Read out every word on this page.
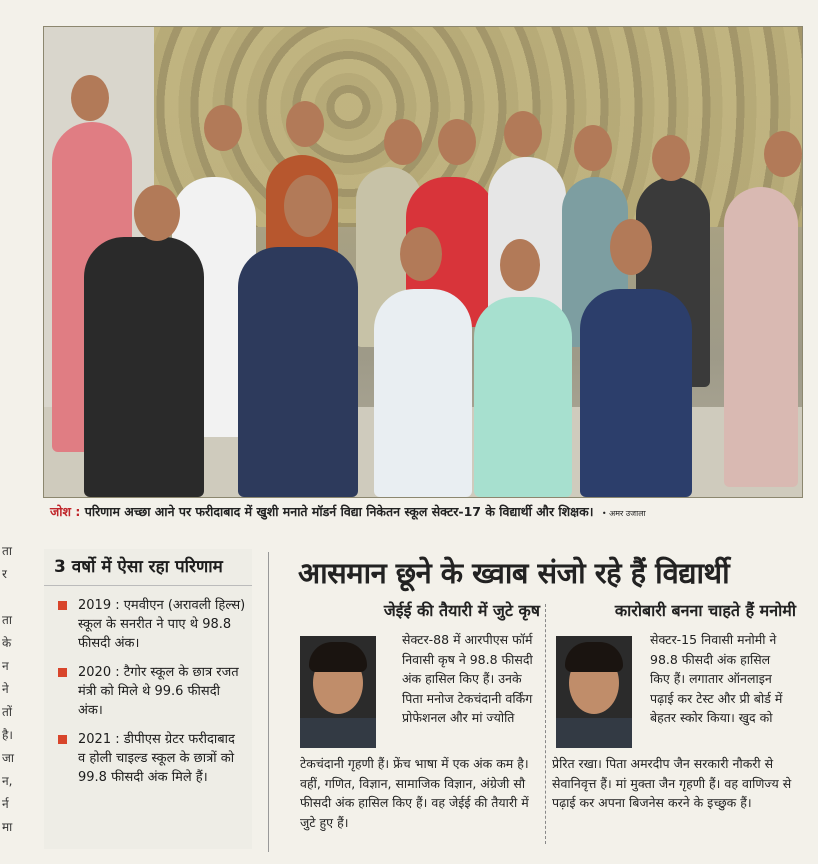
जोश : परिणाम अच्छा आने पर फरीदाबाद में खुशी मनाते मॉडर्न विद्या निकेतन स्कूल सेक्टर-17 के विद्यार्थी और शिक्षक। • अमर उजाला
ता
र

ता
के
न
ने
तों
है।
जा
न,
र्न
मा
3 वर्षो में ऐसा रहा परिणाम
2019 : एमवीएन (अरावली हिल्स) स्कूल के सनरीत ने पाए थे 98.8 फीसदी अंक।
2020 : टैगोर स्कूल के छात्र रजत मंत्री को मिले थे 99.6 फीसदी अंक।
2021 : डीपीएस ग्रेटर फरीदाबाद व होली चाइल्ड स्कूल के छात्रों को 99.8 फीसदी अंक मिले हैं।
आसमान छूने के ख्वाब संजो रहे हैं विद्यार्थी
जेईई की तैयारी में जुटे कृष
सेक्टर-88 में आरपीएस फॉर्म निवासी कृष ने 98.8 फीसदी अंक हासिल किए हैं। उनके पिता मनोज टेकचंदानी वर्किंग प्रोफेशनल और मां ज्योति
टेकचंदानी गृहणी हैं। फ्रेंच भाषा में एक अंक कम है। वहीं, गणित, विज्ञान, सामाजिक विज्ञान, अंग्रेजी सौ फीसदी अंक हासिल किए हैं। वह जेईई की तैयारी में जुटे हुए हैं।
कारोबारी बनना चाहते हैं मनोमी
सेक्टर-15 निवासी मनोमी ने 98.8 फीसदी अंक हासिल किए हैं। लगातार ऑनलाइन पढ़ाई कर टेस्ट और प्री बोर्ड में बेहतर स्कोर किया। खुद को
प्रेरित रखा। पिता अमरदीप जैन सरकारी नौकरी से सेवानिवृत्त हैं। मां मुक्ता जैन गृहणी हैं। वह वाणिज्य से पढ़ाई कर अपना बिजनेस करने के इच्छुक हैं।
